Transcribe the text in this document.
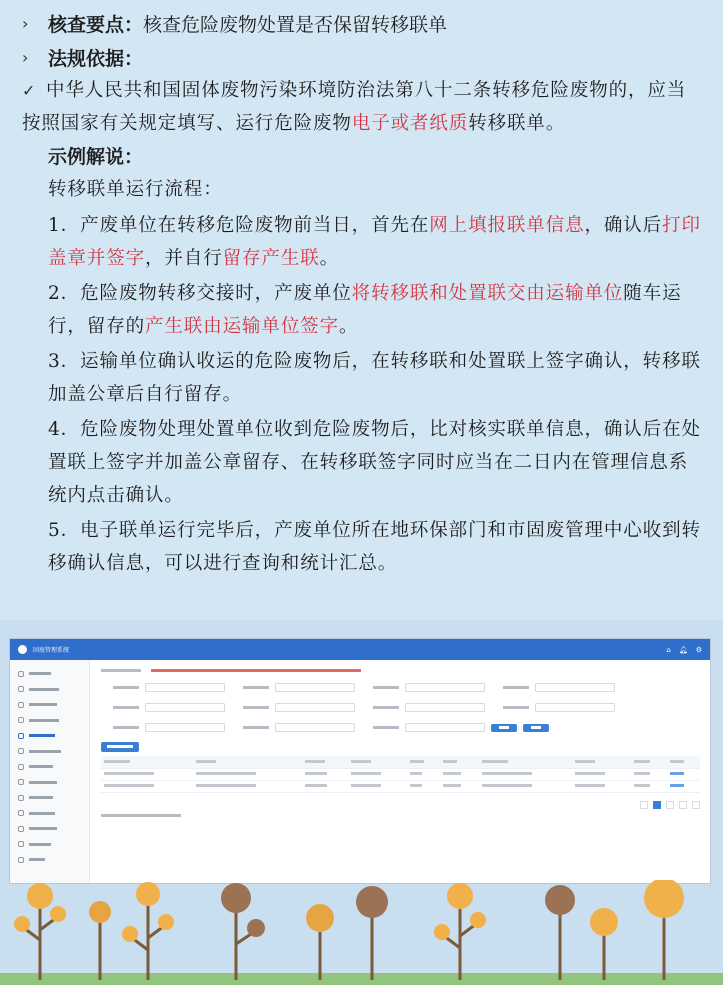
›	核查要点： 核查危险废物处置是否保留转移联单
›	法规依据：
✓ 中华人民共和国固体废物污染环境防治法第八十二条转移危险废物的，应当按照国家有关规定填写、运行危险废物电子或者纸质转移联单。
示例解说：
转移联单运行流程：
1．产废单位在转移危险废物前当日，首先在网上填报联单信息，确认后打印盖章并签字，并自行留存产生联。
2．危险废物转移交接时，产废单位将转移联和处置联交由运输单位随车运行，留存的产生联由运输单位签字。
3．运输单位确认收运的危险废物后，在转移联和处置联上签字确认，转移联加盖公章后自行留存。
4．危险废物处理处置单位收到危险废物后，比对核实联单信息，确认后在处置联上签字并加盖公章留存、在转移联签字同时应当在二日内在管理信息系统内点击确认。
5．电子联单运行完毕后，产废单位所在地环保部门和市固废管理中心收到转移确认信息，可以进行查询和统计汇总。
固废管理系统	⌂ 🔔︎ ⚙
